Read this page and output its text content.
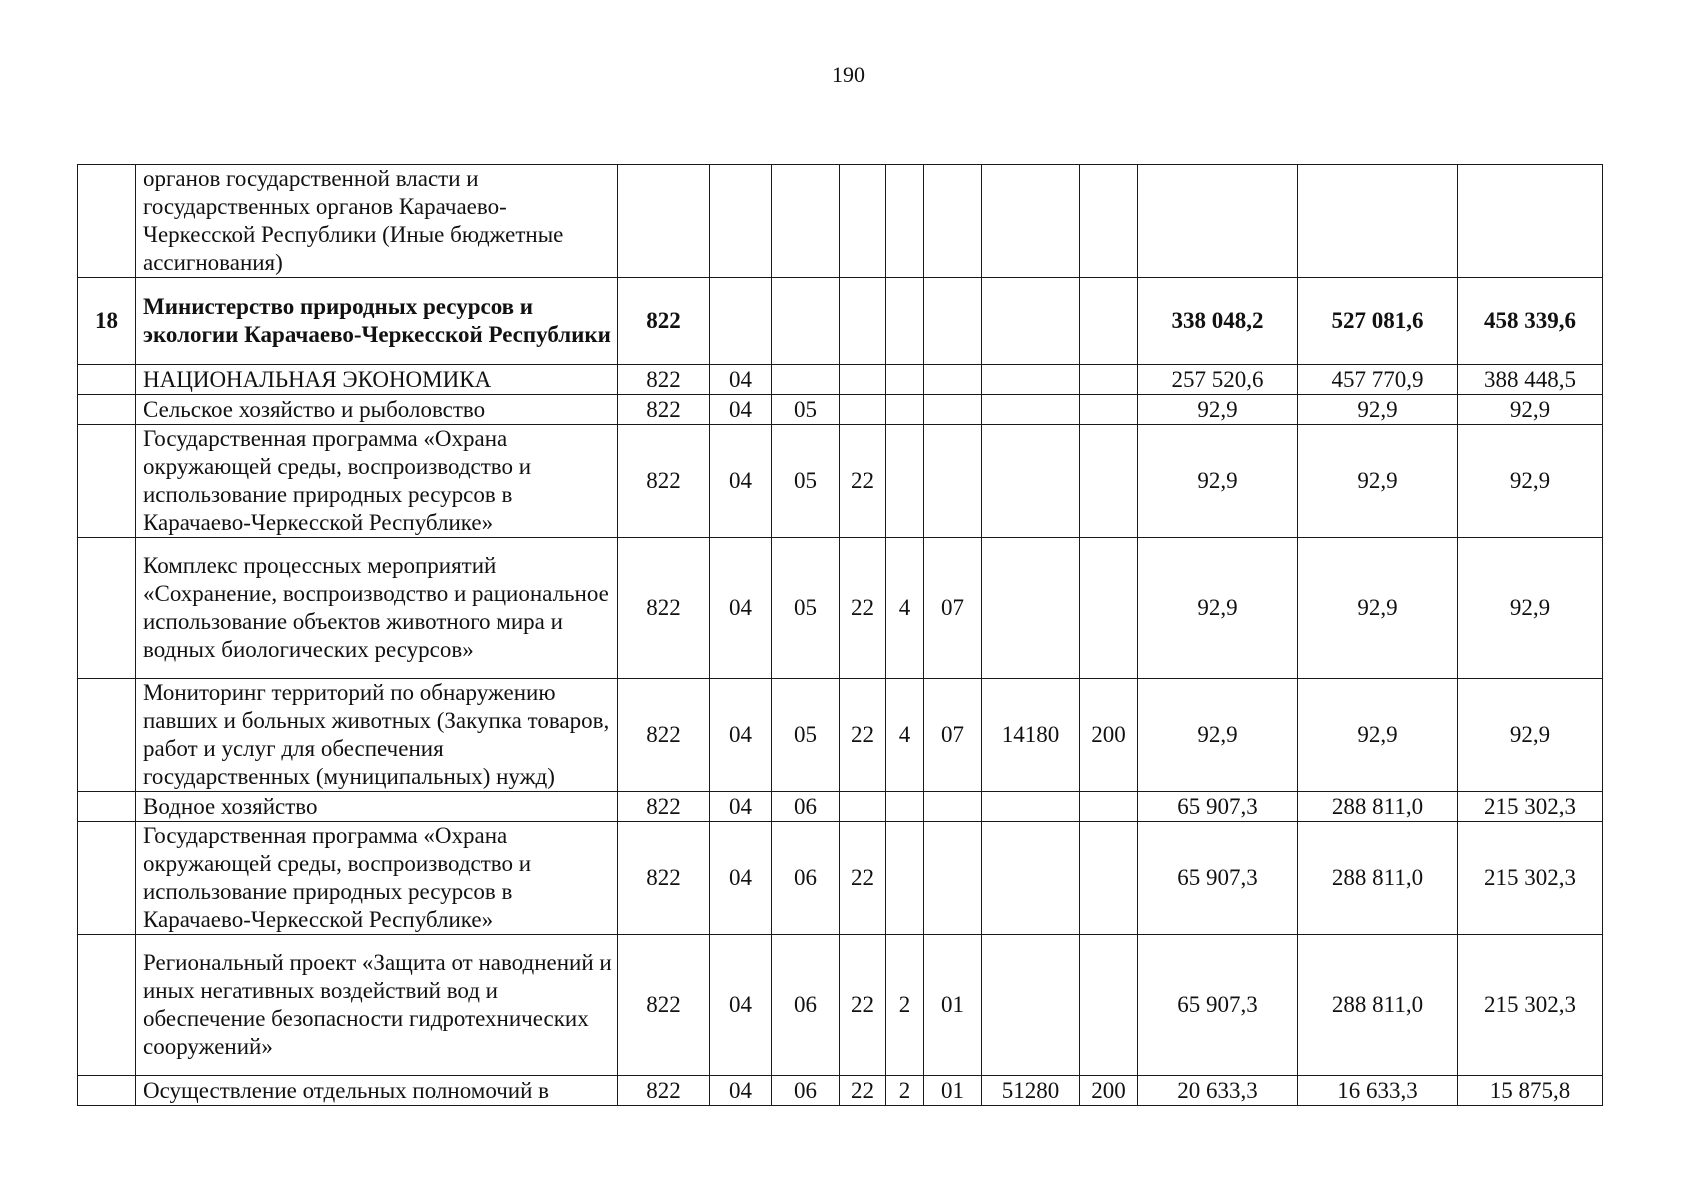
190
	органов государственной власти и государственных органов Карачаево-Черкесской Республики (Иные бюджетные ассигнования)											
18	Министерство природных ресурсов и экологии Карачаево-Черкесской Республики	822								338 048,2	527 081,6	458 339,6
	НАЦИОНАЛЬНАЯ ЭКОНОМИКА	822	04							257 520,6	457 770,9	388 448,5
	Сельское хозяйство и рыболовство	822	04	05						92,9	92,9	92,9
	Государственная программа «Охрана окружающей среды, воспроизводство и использование природных ресурсов в Карачаево-Черкесской Республике»	822	04	05	22					92,9	92,9	92,9
	Комплекс процессных мероприятий «Сохранение, воспроизводство и рациональное использование объектов животного мира и водных биологических ресурсов»	822	04	05	22	4	07			92,9	92,9	92,9
	Мониторинг территорий по обнаружению павших и больных животных (Закупка товаров, работ и услуг для обеспечения государственных (муниципальных) нужд)	822	04	05	22	4	07	14180	200	92,9	92,9	92,9
	Водное хозяйство	822	04	06						65 907,3	288 811,0	215 302,3
	Государственная программа «Охрана окружающей среды, воспроизводство и использование природных ресурсов в Карачаево-Черкесской Республике»	822	04	06	22					65 907,3	288 811,0	215 302,3
	Региональный проект «Защита от наводнений и иных негативных воздействий вод и обеспечение безопасности гидротехнических сооружений»	822	04	06	22	2	01			65 907,3	288 811,0	215 302,3
	Осуществление отдельных полномочий в	822	04	06	22	2	01	51280	200	20 633,3	16 633,3	15 875,8
